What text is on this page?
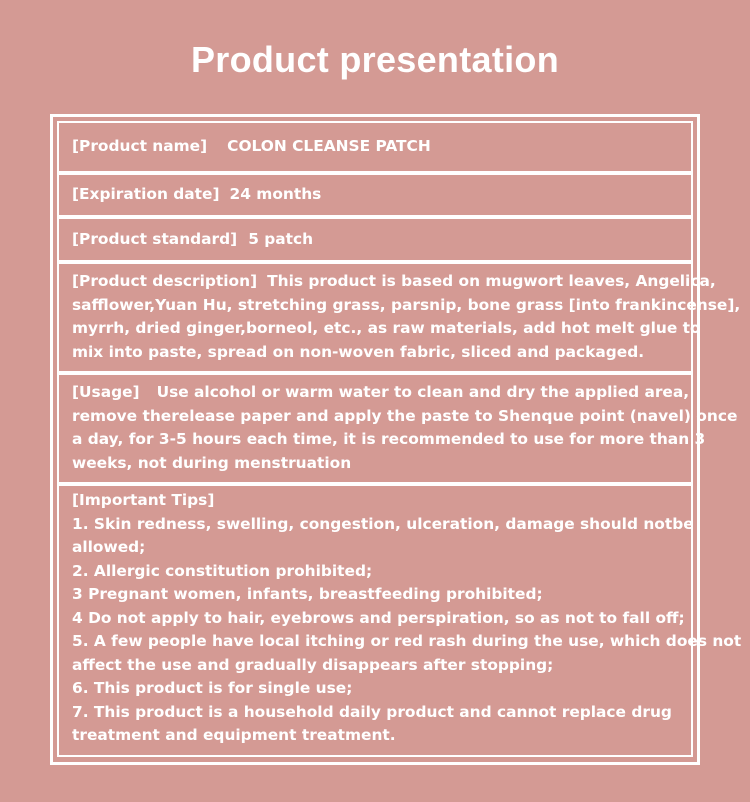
Product presentation
[Product name] COLON CLEANSE PATCH
[Expiration date] 24 months
[Product standard] 5 patch
[Product description] This product is based on mugwort leaves, Angelica,
safflower,Yuan Hu, stretching grass, parsnip, bone grass [into frankincense],
myrrh, dried ginger,borneol, etc., as raw materials, add hot melt glue to
mix into paste, spread on non-woven fabric, sliced and packaged.
[Usage] Use alcohol or warm water to clean and dry the applied area,
remove therelease paper and apply the paste to Shenque point (navel) once
a day, for 3-5 hours each time, it is recommended to use for more than 3
weeks, not during menstruation
[Important Tips]
1. Skin redness, swelling, congestion, ulceration, damage should notbe
allowed;
2. Allergic constitution prohibited;
3 Pregnant women, infants, breastfeeding prohibited;
4 Do not apply to hair, eyebrows and perspiration, so as not to fall off;
5. A few people have local itching or red rash during the use, which does not
affect the use and gradually disappears after stopping;
6. This product is for single use;
7. This product is a household daily product and cannot replace drug
treatment and equipment treatment.
